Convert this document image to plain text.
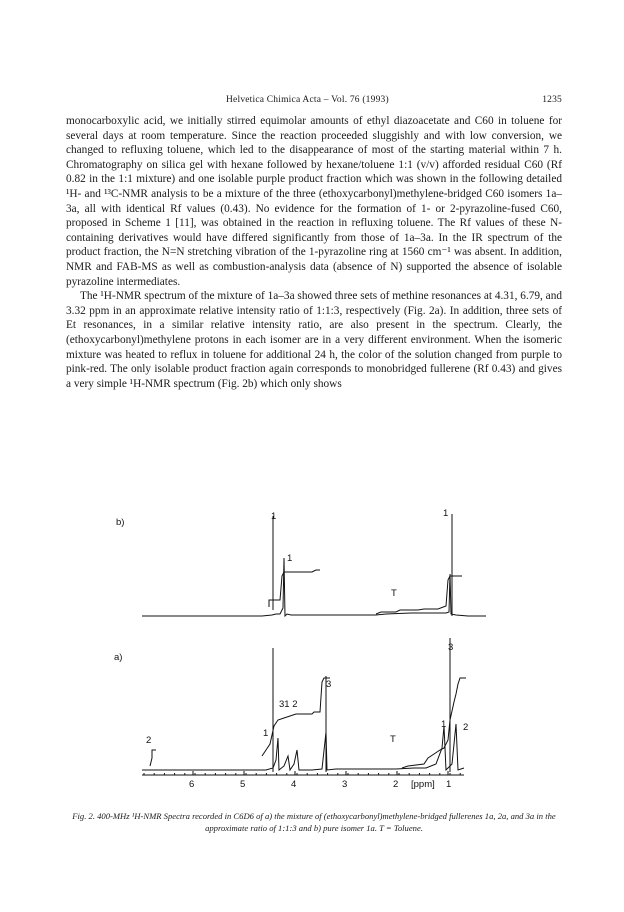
Helvetica Chimica Acta – Vol. 76 (1993)	1235

monocarboxylic acid, we initially stirred equimolar amounts of ethyl diazoacetate and C60 in toluene for several days at room temperature. Since the reaction proceeded sluggishly and with low conversion, we changed to refluxing toluene, which led to the disappearance of most of the starting material within 7 h. Chromatography on silica gel with hexane followed by hexane/toluene 1:1 (v/v) afforded residual C60 (Rf 0.82 in the 1:1 mixture) and one isolable purple product fraction which was shown in the following detailed ¹H- and ¹³C-NMR analysis to be a mixture of the three (ethoxycarbonyl)methylene-bridged C60 isomers 1a–3a, all with identical Rf values (0.43). No evidence for the formation of 1- or 2-pyrazoline-fused C60, proposed in Scheme 1 [11], was obtained in the reaction in refluxing toluene. The Rf values of these N-containing derivatives would have differed significantly from those of 1a–3a. In the IR spectrum of the product fraction, the N=N stretching vibration of the 1-pyrazoline ring at 1560 cm⁻¹ was absent. In addition, NMR and FAB-MS as well as combustion-analysis data (absence of N) supported the absence of isolable pyrazoline intermediates.

The ¹H-NMR spectrum of the mixture of 1a–3a showed three sets of methine resonances at 4.31, 6.79, and 3.32 ppm in an approximate relative intensity ratio of 1:1:3, respectively (Fig. 2a). In addition, three sets of Et resonances, in a similar relative intensity ratio, are also present in the spectrum. Clearly, the (ethoxycarbonyl)methylene protons in each isomer are in a very different environment. When the isomeric mixture was heated to reflux in toluene for additional 24 h, the color of the solution changed from purple to pink-red. The only isolable product fraction again corresponds to monobridged fullerene (Rf 0.43) and gives a very simple ¹H-NMR spectrum (Fig. 2b) which only shows

b)
a)
1	1
1
T
3
31 2
3
1
2	T
1 2
6	5	4	3	2 [ppm] 1
Fig. 2. 400-MHz ¹H-NMR Spectra recorded in C6D6 of a) the mixture of (ethoxycarbonyl)methylene-bridged fullerenes 1a, 2a, and 3a in the approximate ratio of 1:1:3 and b) pure isomer 1a. T = Toluene.
